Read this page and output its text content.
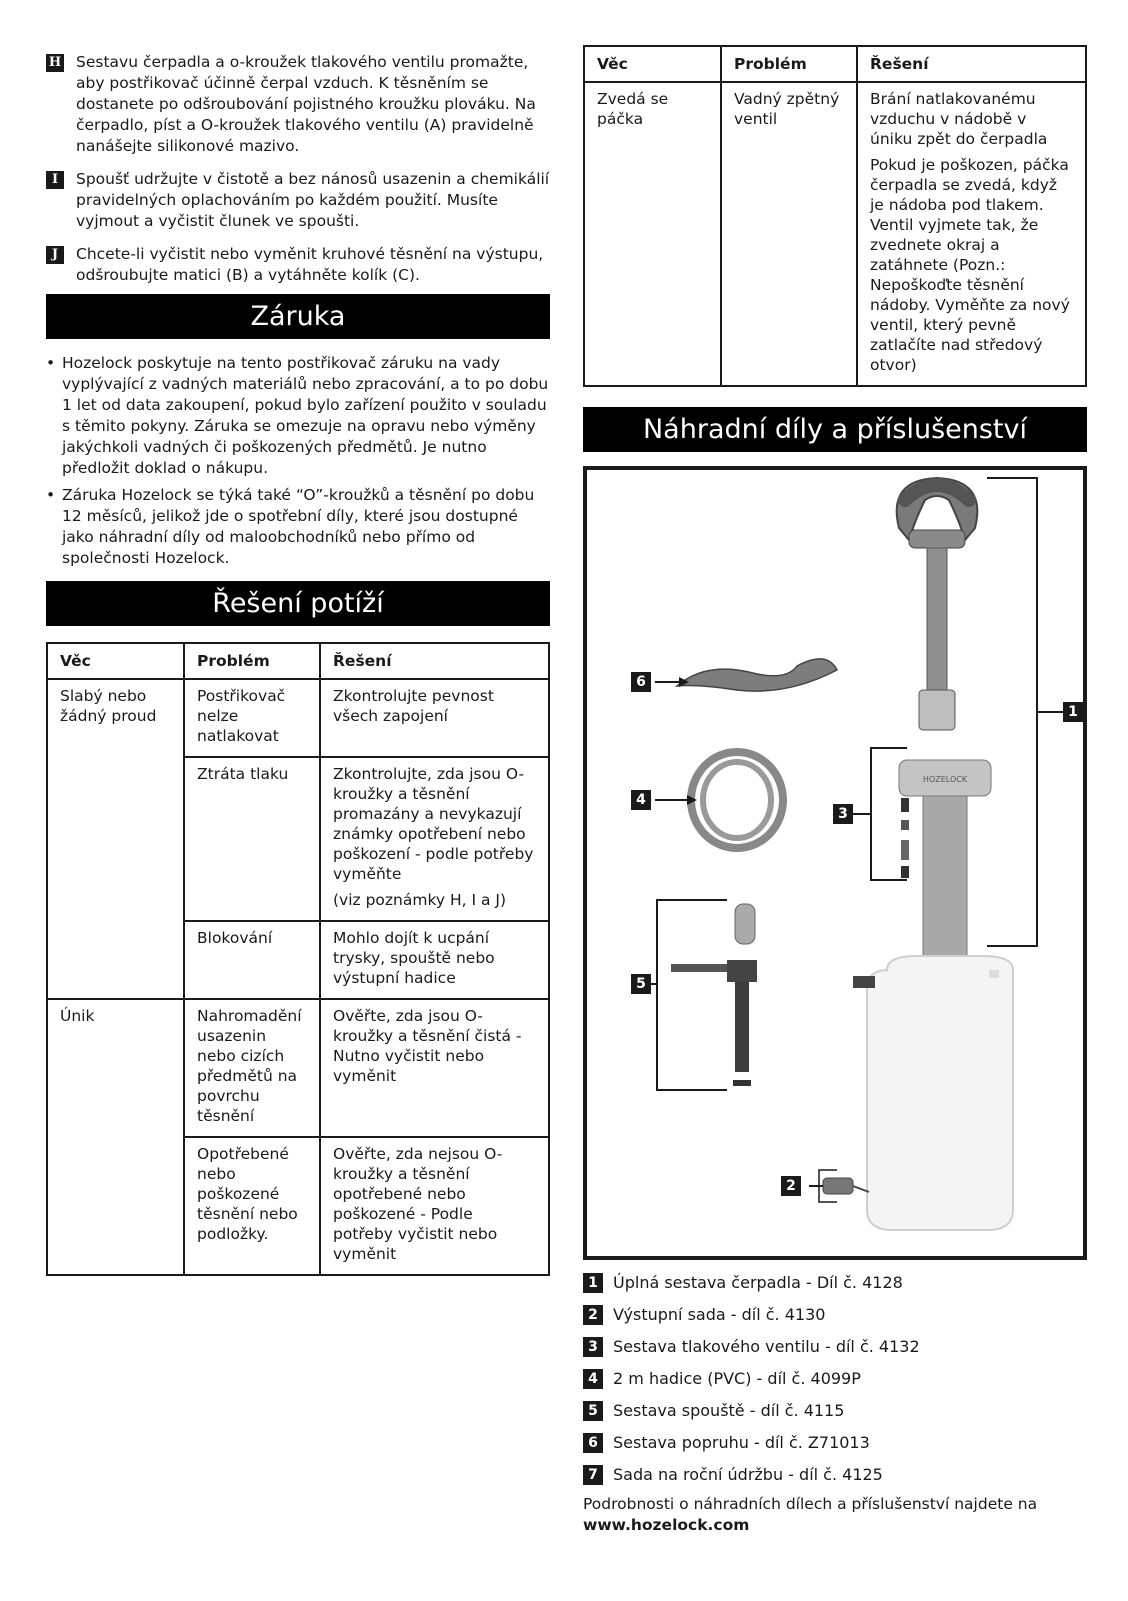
H Sestavu čerpadla a o-kroužek tlakového ventilu promažte, aby postřikovač účinně čerpal vzduch. K těsněním se dostanete po odšroubování pojistného kroužku plováku. Na čerpadlo, píst a O-kroužek tlakového ventilu (A) pravidelně nanášejte silikonové mazivo.
I	Spoušť udržujte v čistotě a bez nánosů usazenin a chemikálií pravidelných oplachováním po každém použití. Musíte vyjmout a vyčistit člunek ve spoušti.
J	Chcete-li vyčistit nebo vyměnit kruhové těsnění na výstupu, odšroubujte matici (B) a vytáhněte kolík (C).
Záruka
• Hozelock poskytuje na tento postřikovač záruku na vady vyplývající z vadných materiálů nebo zpracování, a to po dobu 1 let od data zakoupení, pokud bylo zařízení použito v souladu s těmito pokyny. Záruka se omezuje na opravu nebo výměny jakýchkoli vadných či poškozených předmětů. Je nutno předložit doklad o nákupu.
• Záruka Hozelock se týká také “O”-kroužků a těsnění po dobu 12 měsíců, jelikož jde o spotřební díly, které jsou dostupné jako náhradní díly od maloobchodníků nebo přímo od společnosti Hozelock.
Řešení potíží
Věc	Problém	Řešení
Slabý nebo žádný proud	Postřikovač nelze natlakovat	Zkontrolujte pevnost všech zapojení
	Ztráta tlaku	Zkontrolujte, zda jsou O-kroužky a těsnění promazány a nevykazují známky opotřebení nebo poškození - podle potřeby vyměňte
(viz poznámky H, I a J)

	Blokování	Mohlo dojít k ucpání trysky, spouště nebo výstupní hadice
Únik	Nahromadění usazenin nebo cizích předmětů na povrchu těsnění	Ověřte, zda jsou O-kroužky a těsnění čistá - Nutno vyčistit nebo vyměnit
	Opotřebené nebo poškozené těsnění nebo podložky.	Ověřte, zda nejsou O-kroužky a těsnění opotřebené nebo poškozené - Podle potřeby vyčistit nebo vyměnit
Věc	Problém	Řešení
Zvedá se páčka	Vadný zpětný ventil	Brání natlakovanému vzduchu v nádobě v úniku zpět do čerpadla
Pokud je poškozen, páčka čerpadla se zvedá, když je nádoba pod tlakem. Ventil vyjmete tak, že zvednete okraj a zatáhnete (Pozn.: Nepoškoďte těsnění nádoby. Vyměňte za nový ventil, který pevně zatlačíte nad středový otvor)
Náhradní díly a příslušenství
HOZELOCK
1
2
3
4
5
6
1 Úplná sestava čerpadla - Díl č. 4128
2 Výstupní sada - díl č. 4130
3 Sestava tlakového ventilu - díl č. 4132
4 2 m hadice (PVC) - díl č. 4099P
5 Sestava spouště - díl č. 4115
6 Sestava popruhu - díl č. Z71013
7 Sada na roční údržbu - díl č. 4125
Podrobnosti o náhradních dílech a příslušenství najdete na
www.hozelock.com
